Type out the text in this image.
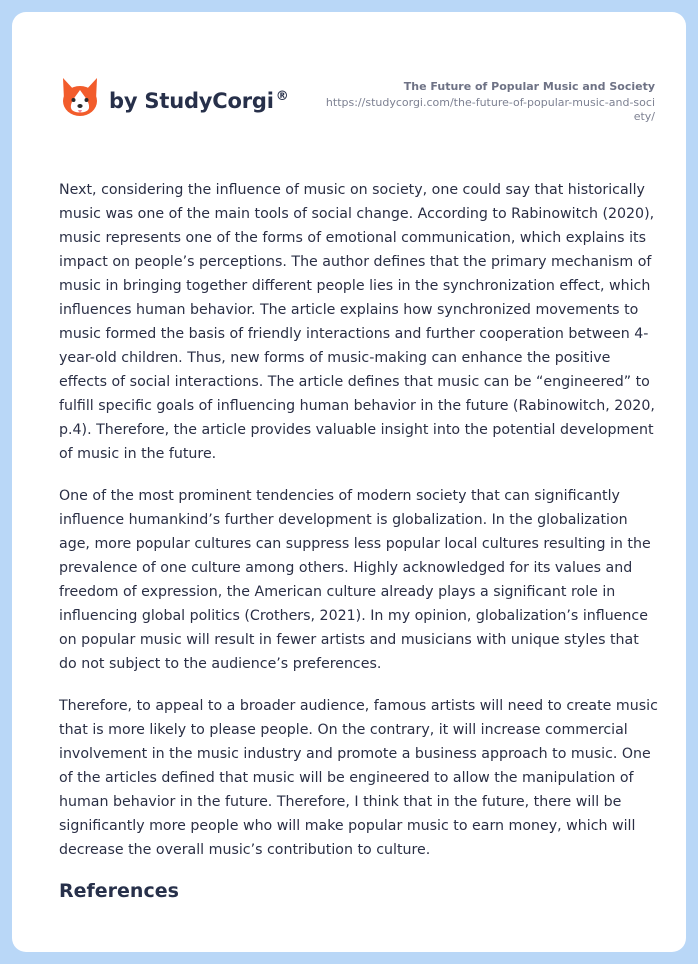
by StudyCorgi ®
The Future of Popular Music and Society
https://studycorgi.com/the-future-of-popular-music-and-society/

Next, considering the influence of music on society, one could say that historically music was one of the main tools of social change. According to Rabinowitch (2020), music represents one of the forms of emotional communication, which explains its impact on people’s perceptions. The author defines that the primary mechanism of music in bringing together different people lies in the synchronization effect, which influences human behavior. The article explains how synchronized movements to music formed the basis of friendly interactions and further cooperation between 4-year-old children. Thus, new forms of music-making can enhance the positive effects of social interactions. The article defines that music can be “engineered” to fulfill specific goals of influencing human behavior in the future (Rabinowitch, 2020, p.4). Therefore, the article provides valuable insight into the potential development of music in the future.

One of the most prominent tendencies of modern society that can significantly influence humankind’s further development is globalization. In the globalization age, more popular cultures can suppress less popular local cultures resulting in the prevalence of one culture among others. Highly acknowledged for its values and freedom of expression, the American culture already plays a significant role in influencing global politics (Crothers, 2021). In my opinion, globalization’s influence on popular music will result in fewer artists and musicians with unique styles that do not subject to the audience’s preferences.

Therefore, to appeal to a broader audience, famous artists will need to create music that is more likely to please people. On the contrary, it will increase commercial involvement in the music industry and promote a business approach to music. One of the articles defined that music will be engineered to allow the manipulation of human behavior in the future. Therefore, I think that in the future, there will be significantly more people who will make popular music to earn money, which will decrease the overall music’s contribution to culture.

References
